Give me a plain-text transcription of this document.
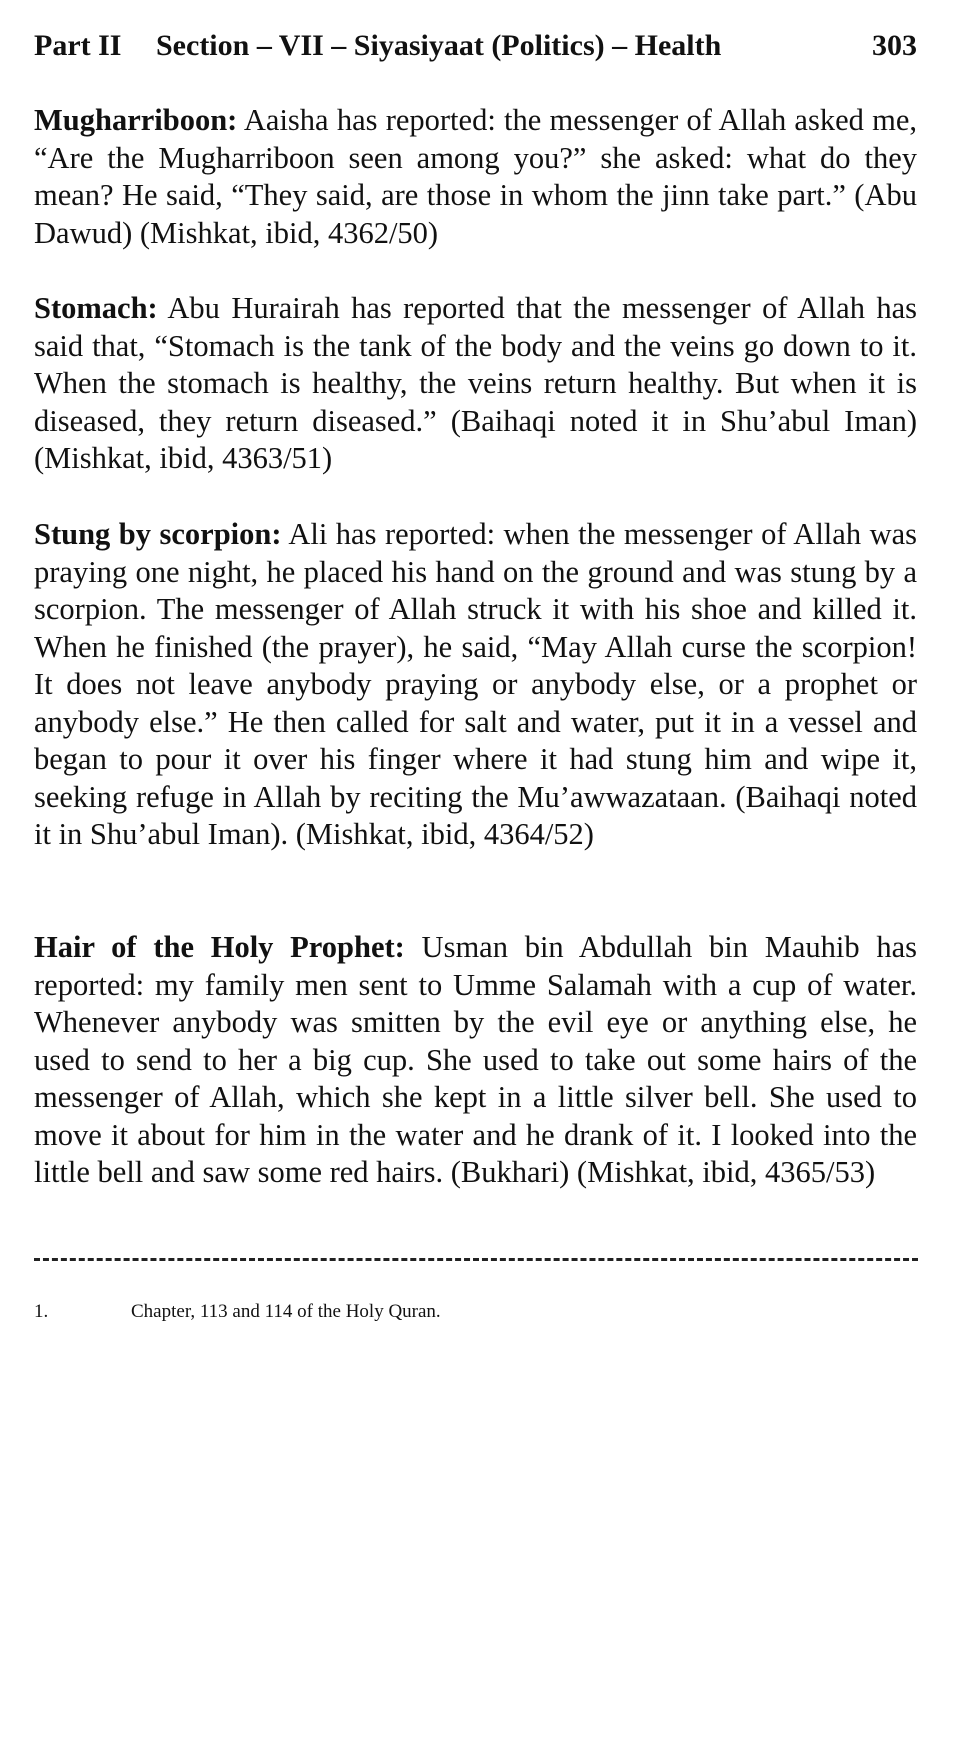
Part II Section – VII – Siyasiyaat (Politics) – Health	303

Mugharriboon: Aaisha has reported: the messenger of Allah asked me, “Are the Mugharriboon seen among you?” she asked: what do they mean? He said, “They said, are those in whom the jinn take part.” (Abu Dawud) (Mishkat, ibid, 4362/50)

Stomach: Abu Hurairah has reported that the messenger of Allah has said that, “Stomach is the tank of the body and the veins go down to it. When the stomach is healthy, the veins return healthy. But when it is diseased, they return diseased.” (Baihaqi noted it in Shu’abul Iman) (Mishkat, ibid, 4363/51)

Stung by scorpion: Ali has reported: when the messenger of Allah was praying one night, he placed his hand on the ground and was stung by a scorpion. The messenger of Allah struck it with his shoe and killed it. When he finished (the prayer), he said, “May Allah curse the scorpion! It does not leave anybody praying or anybody else, or a prophet or anybody else.” He then called for salt and water, put it in a vessel and began to pour it over his finger where it had stung him and wipe it, seeking refuge in Allah by reciting the Mu’awwazataan. (Baihaqi noted it in Shu’abul Iman). (Mishkat, ibid, 4364/52)

Hair of the Holy Prophet: Usman bin Abdullah bin Mauhib has reported: my family men sent to Umme Salamah with a cup of water. Whenever anybody was smitten by the evil eye or anything else, he used to send to her a big cup. She used to take out some hairs of the messenger of Allah, which she kept in a little silver bell. She used to move it about for him in the water and he drank of it. I looked into the little bell and saw some red hairs. (Bukhari) (Mishkat, ibid, 4365/53)

1.	Chapter, 113 and 114 of the Holy Quran.
